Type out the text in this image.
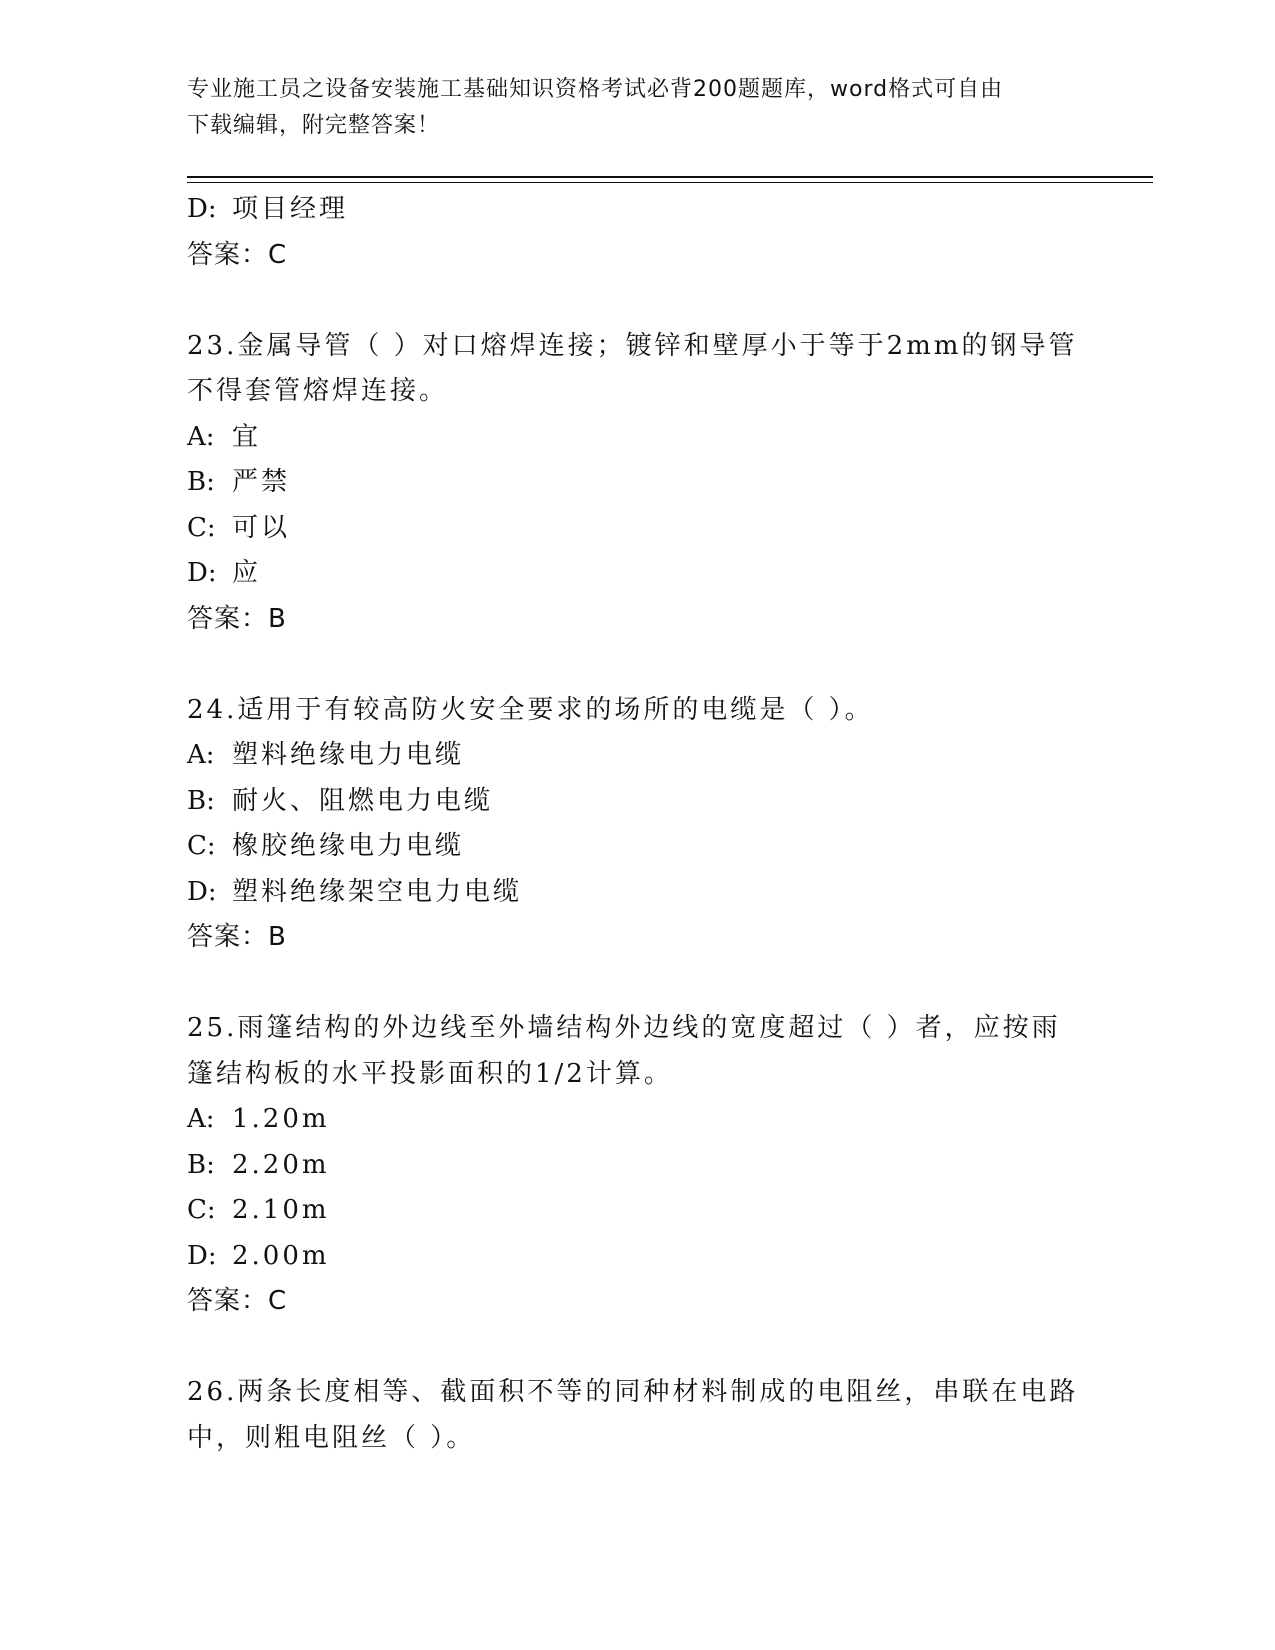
专业施工员之设备安装施工基础知识资格考试必背200题题库，word格式可自由
下载编辑，附完整答案！
D: 项目经理
答案：C
23.金属导管（ ）对口熔焊连接；镀锌和壁厚小于等于2mm的钢导管
不得套管熔焊连接。
A: 宜
B: 严禁
C: 可以
D: 应
答案：B
24.适用于有较高防火安全要求的场所的电缆是（ ）。
A: 塑料绝缘电力电缆
B: 耐火、阻燃电力电缆
C: 橡胶绝缘电力电缆
D: 塑料绝缘架空电力电缆
答案：B
25.雨篷结构的外边线至外墙结构外边线的宽度超过（ ）者，应按雨
篷结构板的水平投影面积的1/2计算。
A: 1.20m
B: 2.20m
C: 2.10m
D: 2.00m
答案：C
26.两条长度相等、截面积不等的同种材料制成的电阻丝，串联在电路
中，则粗电阻丝（ ）。
